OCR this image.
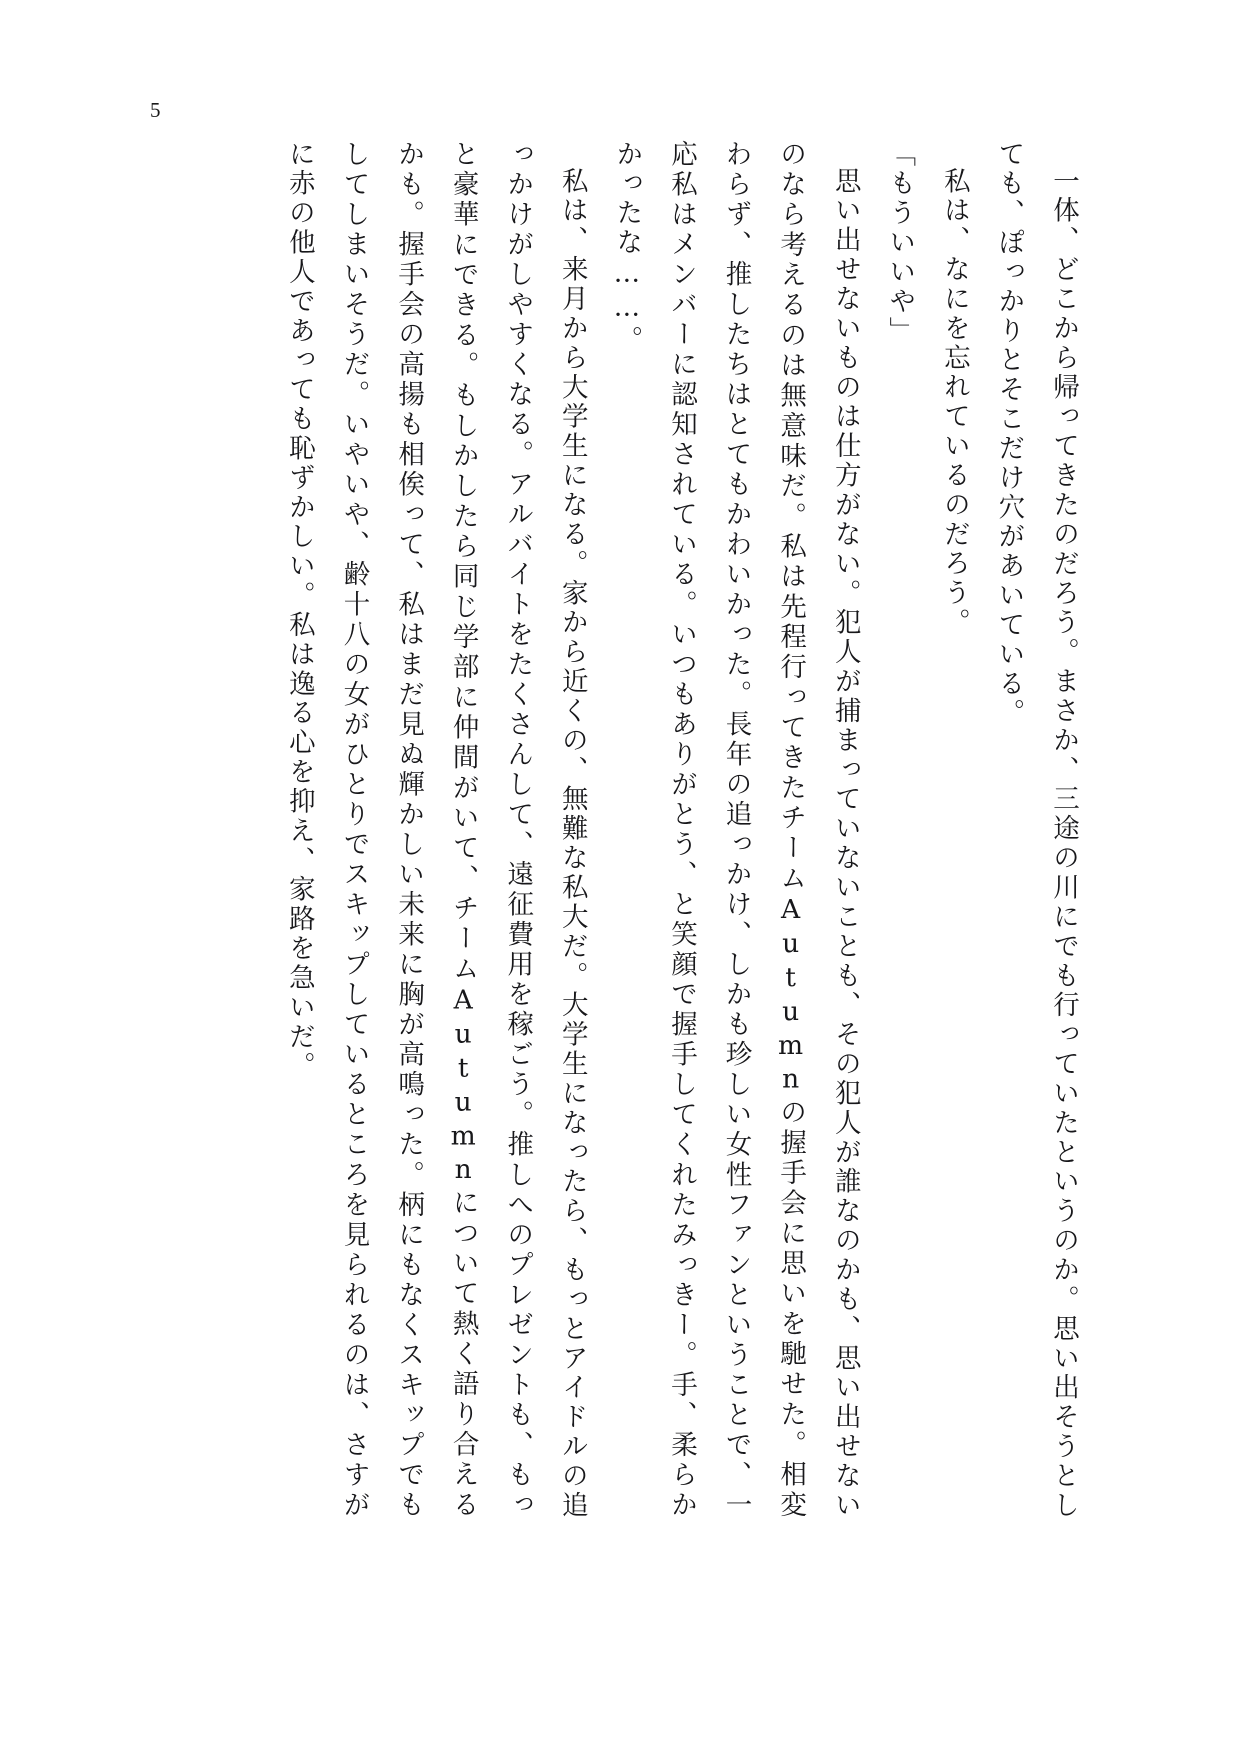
5

一体、どこから帰ってきたのだろう。まさか、三途の川にでも行っていたというのか。思い出そうとしても、ぽっかりとそこだけ穴があいている。

私は、なにを忘れているのだろう。

「もういいや」

思い出せないものは仕方がない。犯人が捕まっていないことも、その犯人が誰なのかも、思い出せないのなら考えるのは無意味だ。私は先程行ってきたチームAutumnの握手会に思いを馳せた。相変わらず、推したちはとてもかわいかった。長年の追っかけ、しかも珍しい女性ファンということで、一応私はメンバーに認知されている。いつもありがとう、と笑顔で握手してくれたみっきー。手、柔らかかったな……。

私は、来月から大学生になる。家から近くの、無難な私大だ。大学生になったら、もっとアイドルの追っかけがしやすくなる。アルバイトをたくさんして、遠征費用を稼ごう。推しへのプレゼントも、もっと豪華にできる。もしかしたら同じ学部に仲間がいて、チームAutumnについて熱く語り合えるかも。握手会の高揚も相俟って、私はまだ見ぬ輝かしい未来に胸が高鳴った。柄にもなくスキップでもしてしまいそうだ。いやいや、齢十八の女がひとりでスキップしているところを見られるのは、さすがに赤の他人であっても恥ずかしい。私は逸る心を抑え、家路を急いだ。
